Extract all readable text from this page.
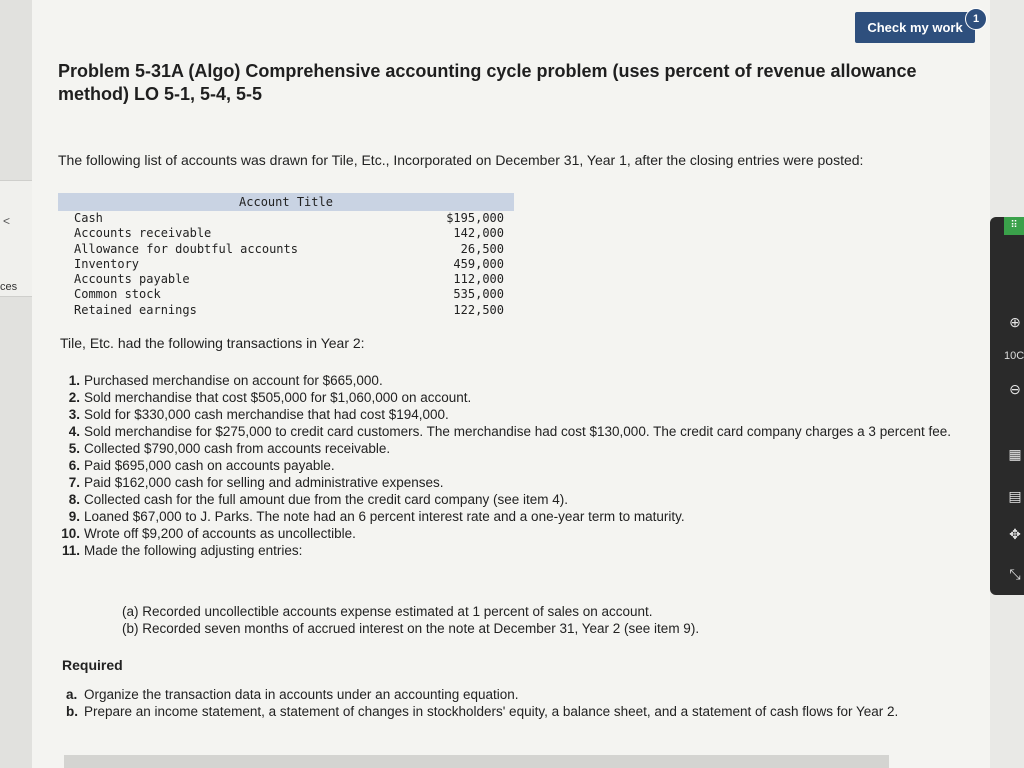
<
ces
Check my work
1
Problem 5-31A (Algo) Comprehensive accounting cycle problem (uses percent of revenue allowance method) LO 5-1, 5-4, 5-5
The following list of accounts was drawn for Tile, Etc., Incorporated on December 31, Year 1, after the closing entries were posted:
Account Title
Cash	$195,000
Accounts receivable	142,000
Allowance for doubtful accounts	26,500
Inventory	459,000
Accounts payable	112,000
Common stock	535,000
Retained earnings	122,500
Tile, Etc. had the following transactions in Year 2:
1. Purchased merchandise on account for $665,000.
2. Sold merchandise that cost $505,000 for $1,060,000 on account.
3. Sold for $330,000 cash merchandise that had cost $194,000.
4. Sold merchandise for $275,000 to credit card customers. The merchandise had cost $130,000. The credit card company charges a 3 percent fee.
5. Collected $790,000 cash from accounts receivable.
6. Paid $695,000 cash on accounts payable.
7. Paid $162,000 cash for selling and administrative expenses.
8. Collected cash for the full amount due from the credit card company (see item 4).
9. Loaned $67,000 to J. Parks. The note had an 6 percent interest rate and a one-year term to maturity.
10. Wrote off $9,200 of accounts as uncollectible.
11. Made the following adjusting entries:
(a) Recorded uncollectible accounts expense estimated at 1 percent of sales on account.
(b) Recorded seven months of accrued interest on the note at December 31, Year 2 (see item 9).
Required
a. Organize the transaction data in accounts under an accounting equation.
b. Prepare an income statement, a statement of changes in stockholders' equity, a balance sheet, and a statement of cash flows for Year 2.
⠿
⊕
10C
⊖
▦
▤
✥
⤡
